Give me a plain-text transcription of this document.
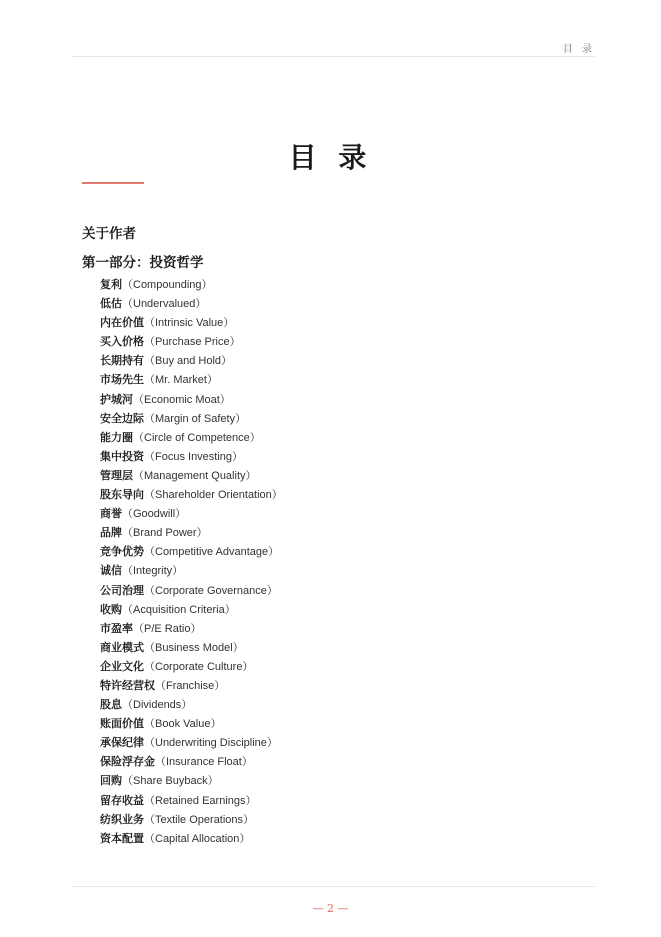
目 录
目 录
关于作者
第一部分：投资哲学
复利（Compounding）
低估（Undervalued）
内在价值（Intrinsic Value）
买入价格（Purchase Price）
长期持有（Buy and Hold）
市场先生（Mr. Market）
护城河（Economic Moat）
安全边际（Margin of Safety）
能力圈（Circle of Competence）
集中投资（Focus Investing）
管理层（Management Quality）
股东导向（Shareholder Orientation）
商誉（Goodwill）
品牌（Brand Power）
竞争优势（Competitive Advantage）
诚信（Integrity）
公司治理（Corporate Governance）
收购（Acquisition Criteria）
市盈率（P/E Ratio）
商业模式（Business Model）
企业文化（Corporate Culture）
特许经营权（Franchise）
股息（Dividends）
账面价值（Book Value）
承保纪律（Underwriting Discipline）
保险浮存金（Insurance Float）
回购（Share Buyback）
留存收益（Retained Earnings）
纺织业务（Textile Operations）
资本配置（Capital Allocation）
— 2 —
